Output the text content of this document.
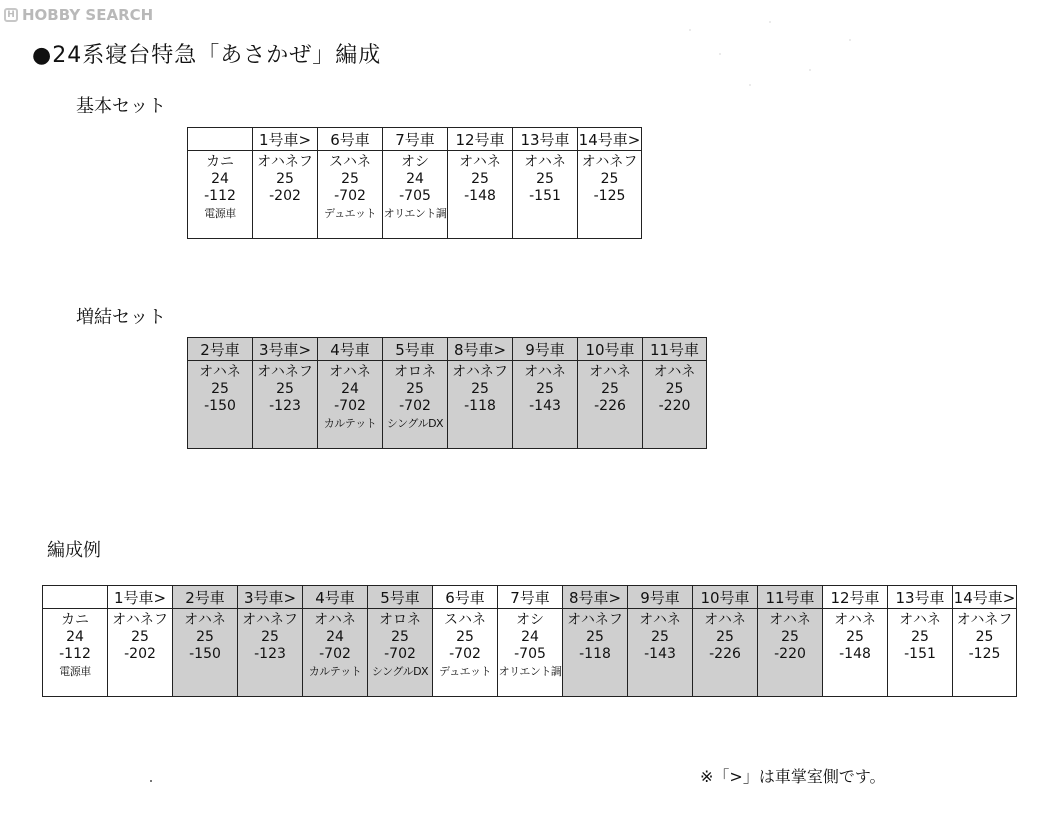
H HOBBY SEARCH
●24系寝台特急「あさかぜ」編成
基本セット
	1号車>	6号車	7号車	12号車	13号車	14号車>

カニ
24
-112
電源車	オハネフ
25
-202	スハネ
25
-702
デュエット	オシ
24
-705
オリエント調	オハネ
25
-148	オハネ
25
-151	オハネフ
25
-125
増結セット
2号車	3号車>	4号車	5号車	8号車>	9号車	10号車	11号車

オハネ
25
-150	オハネフ
25
-123	オハネ
24
-702
カルテット	オロネ
25
-702
シングルDX	オハネフ
25
-118	オハネ
25
-143	オハネ
25
-226	オハネ
25
-220
編成例
	1号車>	2号車	3号車>	4号車	5号車	6号車	7号車	8号車>	9号車	10号車	11号車	12号車	13号車	14号車>

カニ
24
-112
電源車	オハネフ
25
-202	オハネ
25
-150	オハネフ
25
-123	オハネ
24
-702
カルテット	オロネ
25
-702
シングルDX	スハネ
25
-702
デュエット	オシ
24
-705
オリエント調	オハネフ
25
-118	オハネ
25
-143	オハネ
25
-226	オハネ
25
-220	オハネ
25
-148	オハネ
25
-151	オハネフ
25
-125
※「>」は車掌室側です。
